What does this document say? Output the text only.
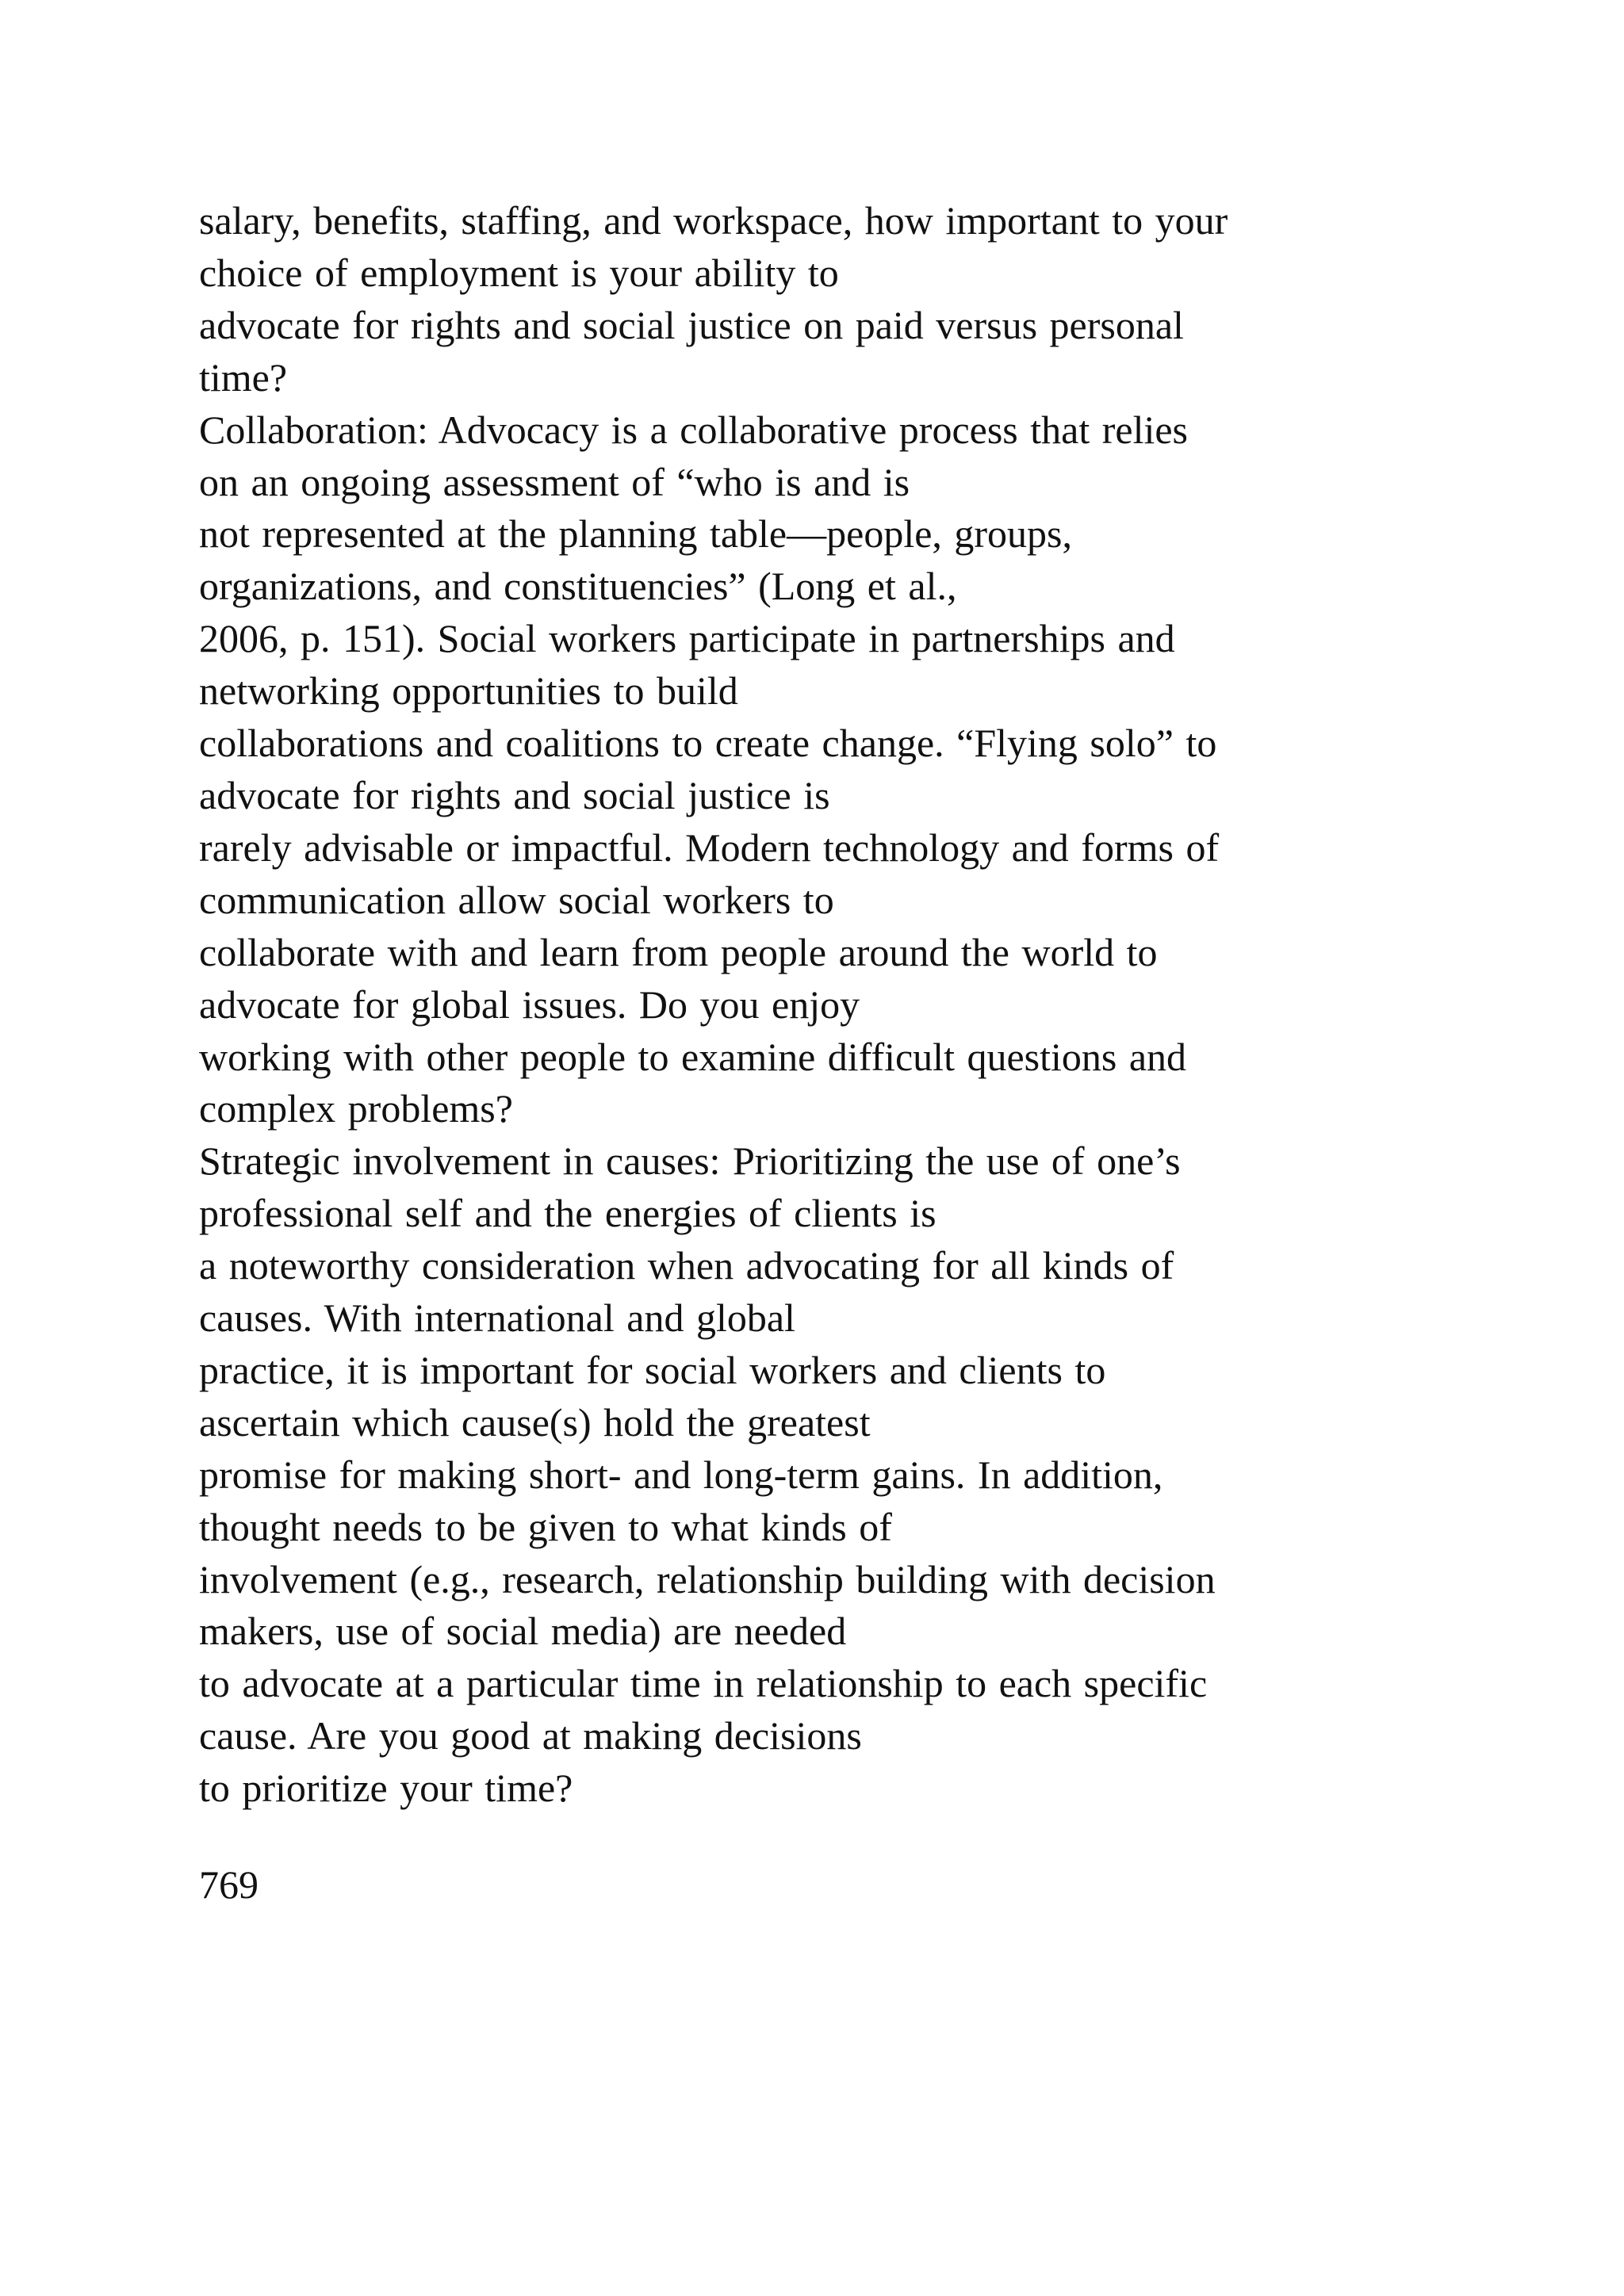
salary, benefits, staffing, and workspace, how important to your
choice of employment is your ability to
advocate for rights and social justice on paid versus personal
time?
Collaboration: Advocacy is a collaborative process that relies
on an ongoing assessment of “who is and is
not represented at the planning table—people, groups,
organizations, and constituencies” (Long et al.,
2006, p. 151). Social workers participate in partnerships and
networking opportunities to build
collaborations and coalitions to create change. “Flying solo” to
advocate for rights and social justice is
rarely advisable or impactful. Modern technology and forms of
communication allow social workers to
collaborate with and learn from people around the world to
advocate for global issues. Do you enjoy
working with other people to examine difficult questions and
complex problems?
Strategic involvement in causes: Prioritizing the use of one’s
professional self and the energies of clients is
a noteworthy consideration when advocating for all kinds of
causes. With international and global
practice, it is important for social workers and clients to
ascertain which cause(s) hold the greatest
promise for making short- and long-term gains. In addition,
thought needs to be given to what kinds of
involvement (e.g., research, relationship building with decision
makers, use of social media) are needed
to advocate at a particular time in relationship to each specific
cause. Are you good at making decisions
to prioritize your time?
769
